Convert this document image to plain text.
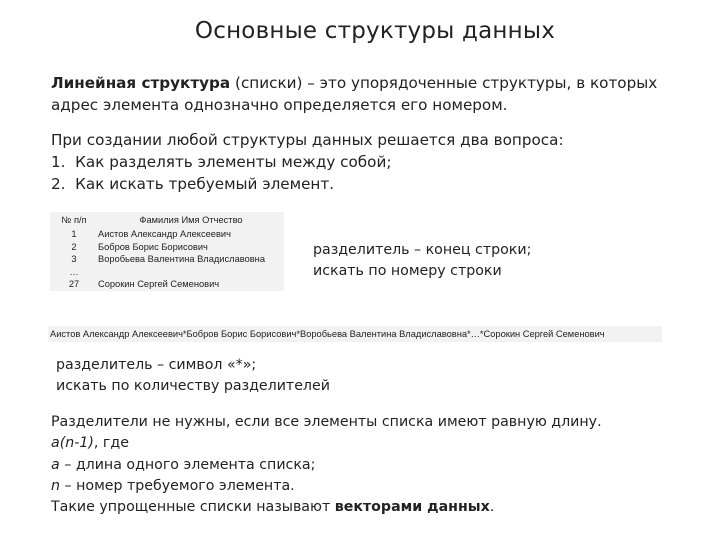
Основные структуры данных
Линейная структура (списки) – это упорядоченные структуры, в которых
адрес элемента однозначно определяется его номером.
При создании любой структуры данных решается два вопроса:
1.  Как разделять элементы между собой;
2.  Как искать требуемый элемент.
№ п/п	Фамилия Имя Отчество
1	Аистов Александр Алексеевич
2	Бобров Борис Борисович
3	Воробьева Валентина Владиславовна
…	
27	Сорокин Сергей Семенович
разделитель – конец строки;
искать по номеру строки
Аистов Александр Алексеевич*Бобров Борис Борисович*Воробьева Валентина Владиславовна*…*Сорокин Сергей Семенович
разделитель – символ «*»;
искать по количеству разделителей
Разделители не нужны, если все элементы списка имеют равную длину.
a(n-1), где
a – длина одного элемента списка;
n – номер требуемого элемента.
Такие упрощенные списки называют векторами данных.
